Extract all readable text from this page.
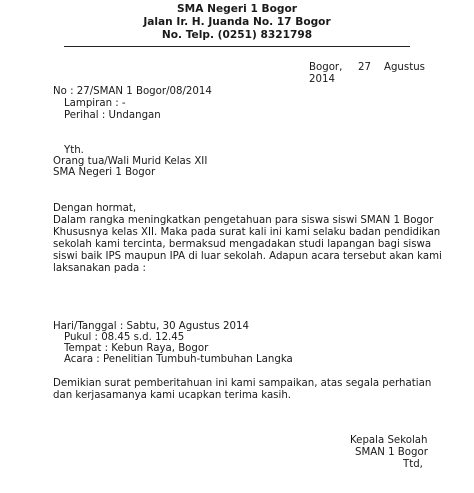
SMA Negeri 1 Bogor
Jalan Ir. H. Juanda No. 17 Bogor
No. Telp. (0251) 8321798
Bogor, 27 Agustus
2014
No : 27/SMAN 1 Bogor/08/2014
Lampiran : -
Perihal : Undangan
Yth.
Orang tua/Wali Murid Kelas XII
SMA Negeri 1 Bogor
Dengan hormat,
Dalam rangka meningkatkan pengetahuan para siswa siswi SMAN 1 Bogor
Khususnya kelas XII. Maka pada surat kali ini kami selaku badan pendidikan
sekolah kami tercinta, bermaksud mengadakan studi lapangan bagi siswa
siswi baik IPS maupun IPA di luar sekolah. Adapun acara tersebut akan kami
laksanakan pada :
Hari/Tanggal : Sabtu, 30 Agustus 2014
Pukul : 08.45 s.d. 12.45
Tempat : Kebun Raya, Bogor
Acara : Penelitian Tumbuh-tumbuhan Langka
Demikian surat pemberitahuan ini kami sampaikan, atas segala perhatian
dan kerjasamanya kami ucapkan terima kasih.
Kepala Sekolah
SMAN 1 Bogor
Ttd,
